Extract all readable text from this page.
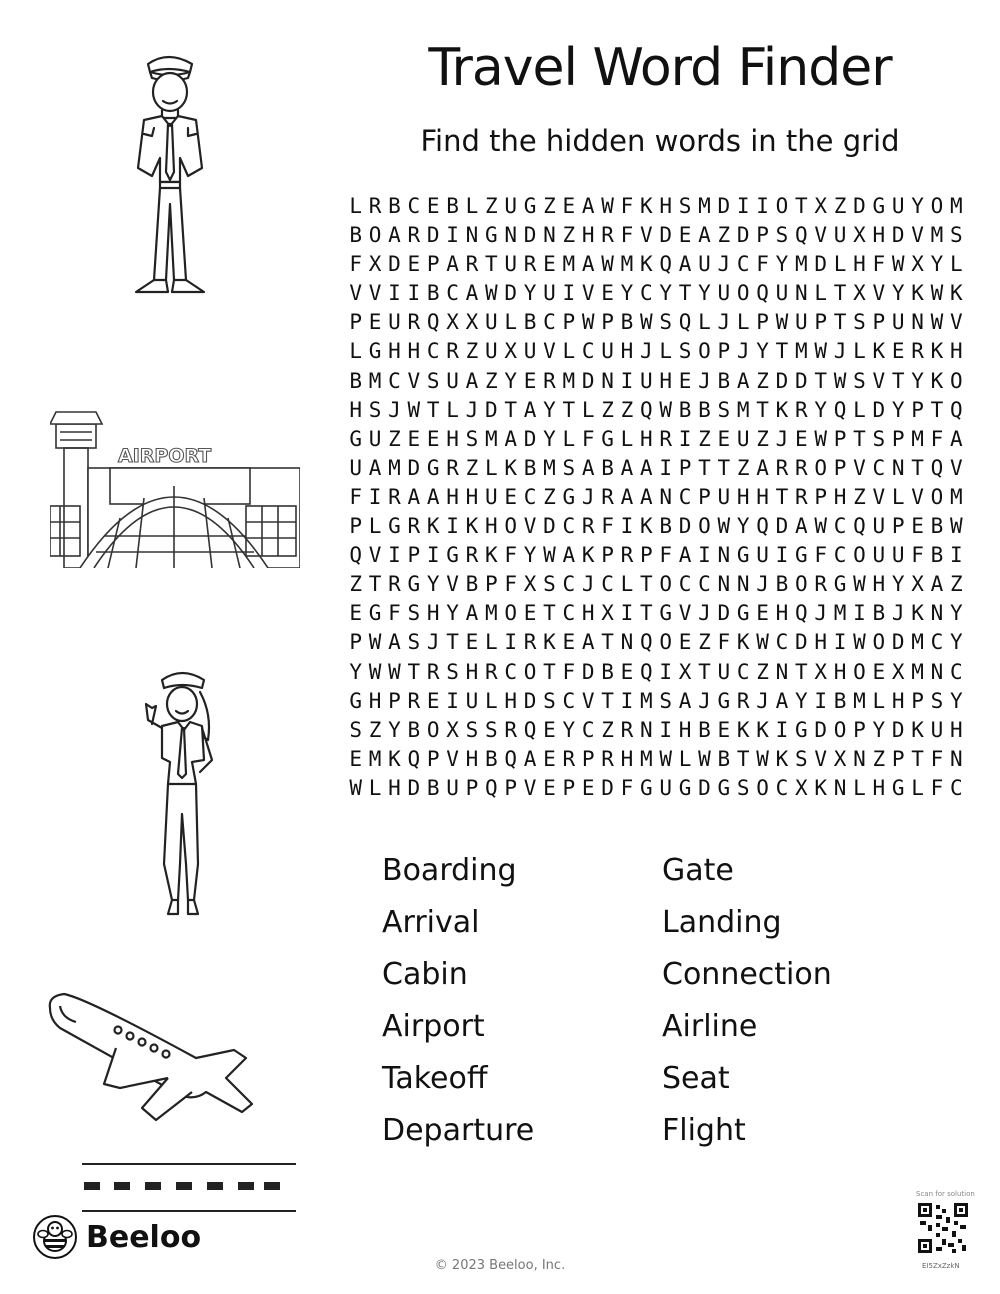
AIRPORT
Travel Word Finder
Find the hidden words in the grid
L R B C E B L Z U G Z E A W F K H S M D I I O T X Z D G U Y O M
B O A R D I N G N D N Z H R F V D E A Z D P S Q V U X H D V M S
F X D E P A R T U R E M A W M K Q A U J C F Y M D L H F W X Y L
V V I I B C A W D Y U I V E Y C Y T Y U O Q U N L T X V Y K W K
P E U R Q X X U L B C P W P B W S Q L J L P W U P T S P U N W V
L G H H C R Z U X U V L C U H J L S O P J Y T M W J L K E R K H
B M C V S U A Z Y E R M D N I U H E J B A Z D D T W S V T Y K O
H S J W T L J D T A Y T L Z Z Q W B B S M T K R Y Q L D Y P T Q
G U Z E E H S M A D Y L F G L H R I Z E U Z J E W P T S P M F A
U A M D G R Z L K B M S A B A A I P T T Z A R R O P V C N T Q V
F I R A A H H U E C Z G J R A A N C P U H H T R P H Z V L V O M
P L G R K I K H O V D C R F I K B D O W Y Q D A W C Q U P E B W
Q V I P I G R K F Y W A K P R P F A I N G U I G F C O U U F B I
Z T R G Y V B P F X S C J C L T O C C N N J B O R G W H Y X A Z
E G F S H Y A M O E T C H X I T G V J D G E H Q J M I B J K N Y
P W A S J T E L I R K E A T N Q O E Z F K W C D H I W O D M C Y
Y W W T R S H R C O T F D B E Q I X T U C Z N T X H O E X M N C
G H P R E I U L H D S C V T I M S A J G R J A Y I B M L H P S Y
S Z Y B O X S S R Q E Y C Z R N I H B E K K I G D O P Y D K U H
E M K Q P V H B Q A E R P R H M W L W B T W K S V X N Z P T F N
W L H D B U P Q P V E P E D F G U G D G S O C X K N L H G L F C
Boarding
Arrival
Cabin
Airport
Takeoff
Departure
Gate
Landing
Connection
Airline
Seat
Flight
Beeloo
© 2023 Beeloo, Inc.
Scan for solution
EI5ZxZzkN
